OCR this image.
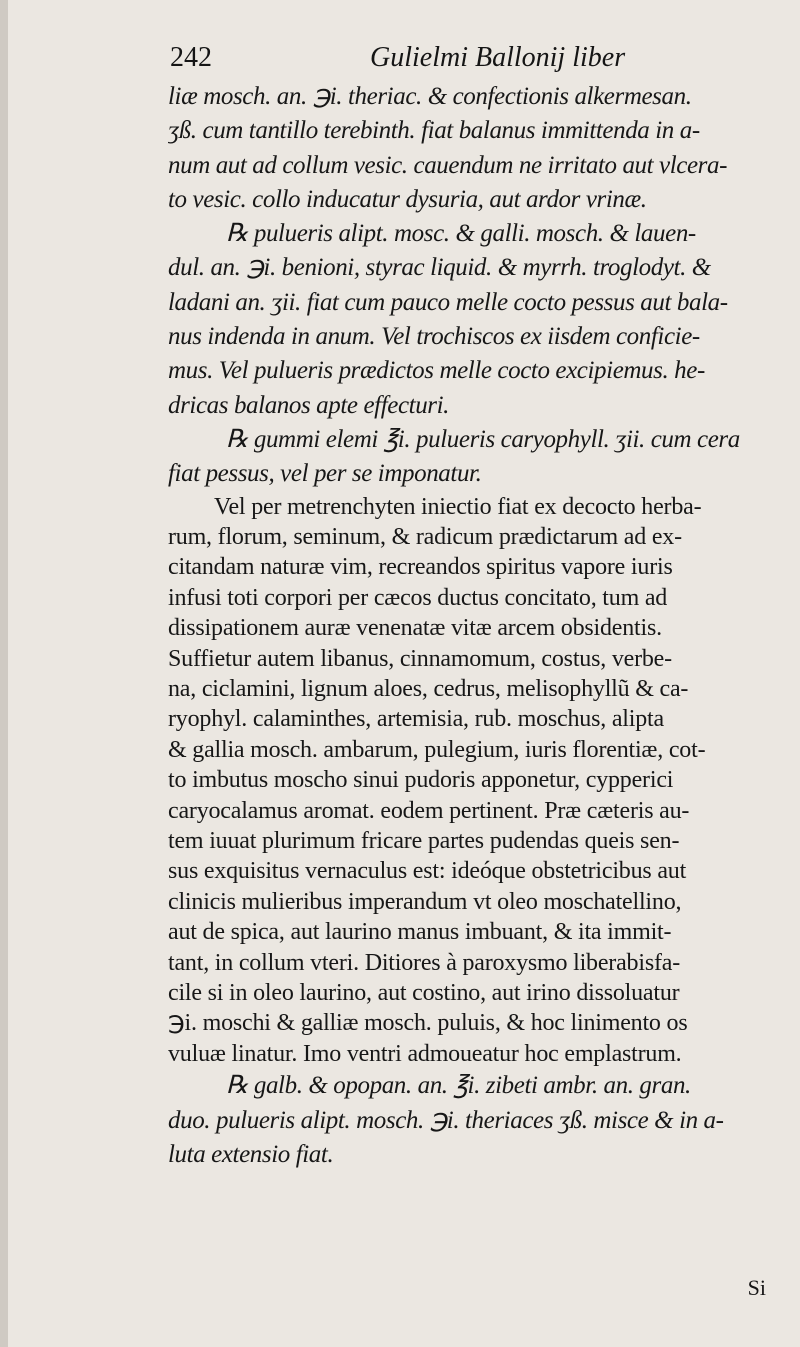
242	Gulielmi Ballonij liber
liæ mosch. an. ℈i. theriac. & confectionis alkermesan.
ʒß. cum tantillo terebinth. fiat balanus immittenda in a-
num aut ad collum vesic. cauendum ne irritato aut vlcera-
to vesic. collo inducatur dysuria, aut ardor vrinæ.
℞ pulueris alipt. mosc. & galli. mosch. & lauen-
dul. an. ℈i. benioni, styrac liquid. & myrrh. troglodyt. &
ladani an. ʒii. fiat cum pauco melle cocto pessus aut bala-
nus indenda in anum. Vel trochiscos ex iisdem conficie-
mus. Vel pulueris prædictos melle cocto excipiemus. he-
dricas balanos apte effecturi.
℞ gummi elemi ℥i. pulueris caryophyll. ʒii. cum cera
fiat pessus, vel per se imponatur.
Vel per metrenchyten iniectio fiat ex decocto herba-
rum, florum, seminum, & radicum prædictarum ad ex-
citandam naturæ vim, recreandos spiritus vapore iuris
infusi toti corpori per cæcos ductus concitato, tum ad
dissipationem auræ venenatæ vitæ arcem obsidentis.
Suffietur autem libanus, cinnamomum, costus, verbe-
na, ciclamini, lignum aloes, cedrus, melisophyllũ & ca-
ryophyl. calaminthes, artemisia, rub. moschus, alipta
& gallia mosch. ambarum, pulegium, iuris florentiæ, cot-
to imbutus moscho sinui pudoris apponetur, cypperici
caryocalamus aromat. eodem pertinent. Præ cæteris au-
tem iuuat plurimum fricare partes pudendas queis sen-
sus exquisitus vernaculus est: ideóque obstetricibus aut
clinicis mulieribus imperandum vt oleo moschatellino,
aut de spica, aut laurino manus imbuant, & ita immit-
tant, in collum vteri. Ditiores à paroxysmo liberabisfa-
cile si in oleo laurino, aut costino, aut irino dissoluatur
℈i. moschi & galliæ mosch. puluis, & hoc linimento os
vuluæ linatur. Imo ventri admoueatur hoc emplastrum.
℞ galb. & opopan. an. ℥i. zibeti ambr. an. gran.
duo. pulueris alipt. mosch. ℈i. theriaces ʒß. misce & in a-
luta extensio fiat.
Si
